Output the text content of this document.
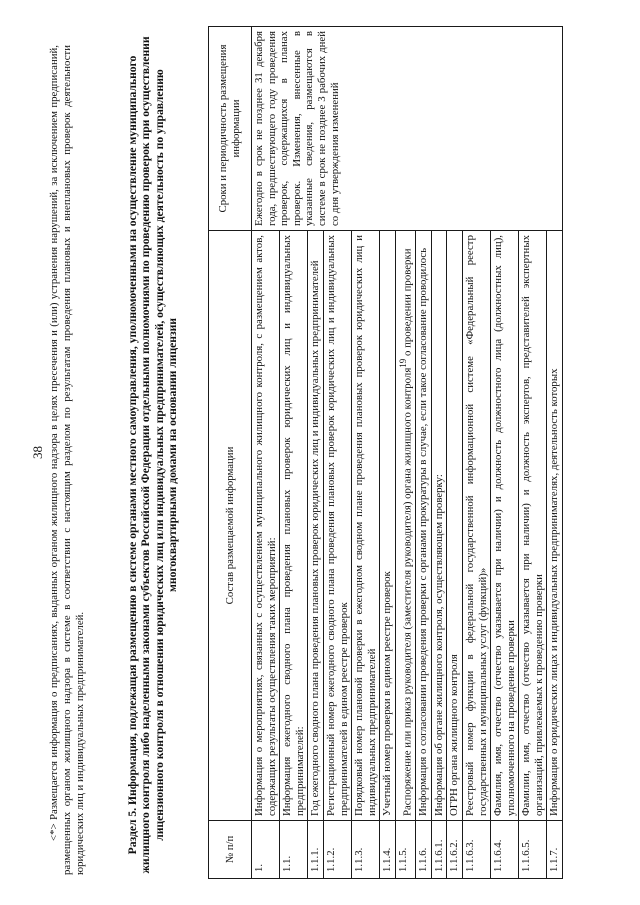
38 <*> Размещается информация о предписаниях, выданных органом жилищного надзора в целях пресечения и (или) устранения нарушений, за исключением предписаний, размещенных органом жилищного надзора в системе в соответствии с настоящим разделом по результатам проведения плановых и внеплановых проверок деятельности юридических лиц и индивидуальных предпринимателей.	Раздел 5. Информация, подлежащая размещению в системе органами местного самоуправления, уполномоченными на осуществление муниципального жилищного контроля либо наделенными законами субъектов Российской Федерации отдельными полномочиями по проведению проверок при осуществлении лицензионного контроля в отношении юридических лиц или индивидуальных предпринимателей, осуществляющих деятельность по управлению многоквартирными домами на основании лицензии
№ п/п	Состав размещаемой информации	Сроки и периодичность размещения информации
1.	Информация о мероприятиях, связанных с осуществлением муниципального жилищного контроля, с размещением актов, содержащих результаты осуществления таких мероприятий:	Ежегодно в срок не позднее 31 декабря года, предшествующего году проведения проверок, содержащихся в планах проверок. Изменения, внесенные в указанные сведения, размещаются в системе в срок не позднее 3 рабочих дней со дня утверждения изменений
1.1.	Информация ежегодного сводного плана проведения плановых проверок юридических лиц и индивидуальных предпринимателей:	
1.1.1.	Год ежегодного сводного плана проведения плановых проверок юридических лиц и индивидуальных предпринимателей	
1.1.2.	Регистрационный номер ежегодного сводного плана проведения плановых проверок юридических лиц и индивидуальных предпринимателей в едином реестре проверок	
1.1.3.	Порядковый номер плановой проверки в ежегодном сводном плане проведения плановых проверок юридических лиц и индивидуальных предпринимателей	
1.1.4.	Учетный номер проверки в едином реестре проверок	
1.1.5.	Распоряжение или приказ руководителя (заместителя руководителя) органа жилищного контроля$^{19}$ о проведении проверки	
1.1.6.	Информация о согласовании проведения проверки с органами прокуратуры в случае, если такое согласование проводилось	
1.1.6.1.	Информация об органе жилищного контроля, осуществляющем проверку:	
1.1.6.2.	ОГРН органа жилищного контроля	
1.1.6.3.	Реестровый номер функции в федеральной государственной информационной системе «Федеральный реестр государственных и муниципальных услуг (функций)»	
1.1.6.4.	Фамилия, имя, отчество (отчество указывается при наличии) и должность должностного лица (должностных лиц), уполномоченного на проведение проверки	
1.1.6.5.	Фамилии, имя, отчество (отчество указывается при наличии) и должность экспертов, представителей экспертных организаций, привлекаемых к проведению проверки	
1.1.7.	Информация о юридических лицах и индивидуальных предпринимателях, деятельность которых	
